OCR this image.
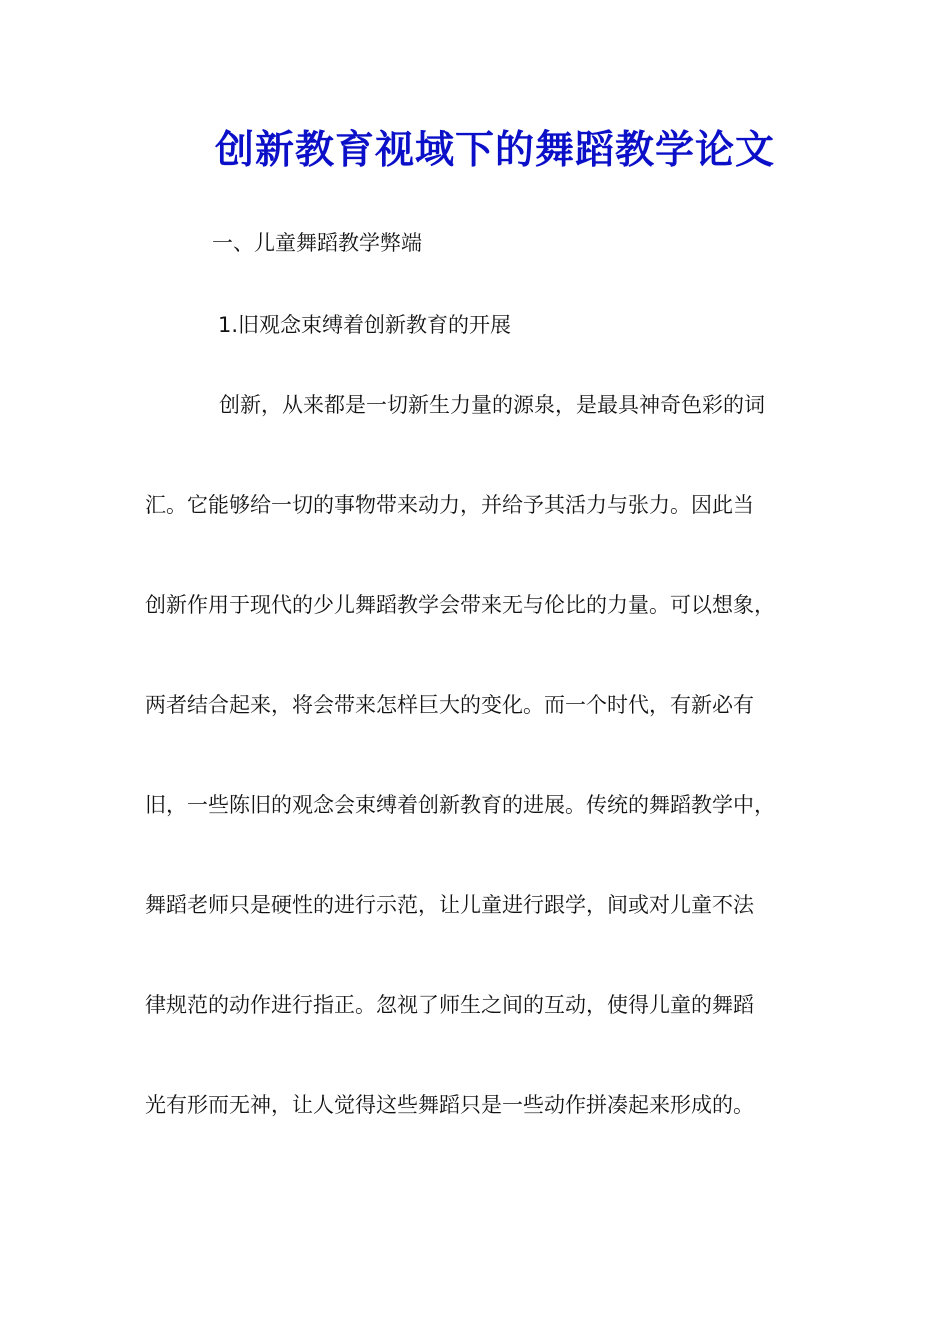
创新教育视域下的舞蹈教学论文
一、儿童舞蹈教学弊端
1.旧观念束缚着创新教育的开展
创新，从来都是一切新生力量的源泉，是最具神奇色彩的词
汇。它能够给一切的事物带来动力，并给予其活力与张力。因此当
创新作用于现代的少儿舞蹈教学会带来无与伦比的力量。可以想象，
两者结合起来，将会带来怎样巨大的变化。而一个时代，有新必有
旧，一些陈旧的观念会束缚着创新教育的进展。传统的舞蹈教学中，
舞蹈老师只是硬性的进行示范，让儿童进行跟学，间或对儿童不法
律规范的动作进行指正。忽视了师生之间的互动，使得儿童的舞蹈
光有形而无神，让人觉得这些舞蹈只是一些动作拼凑起来形成的。
